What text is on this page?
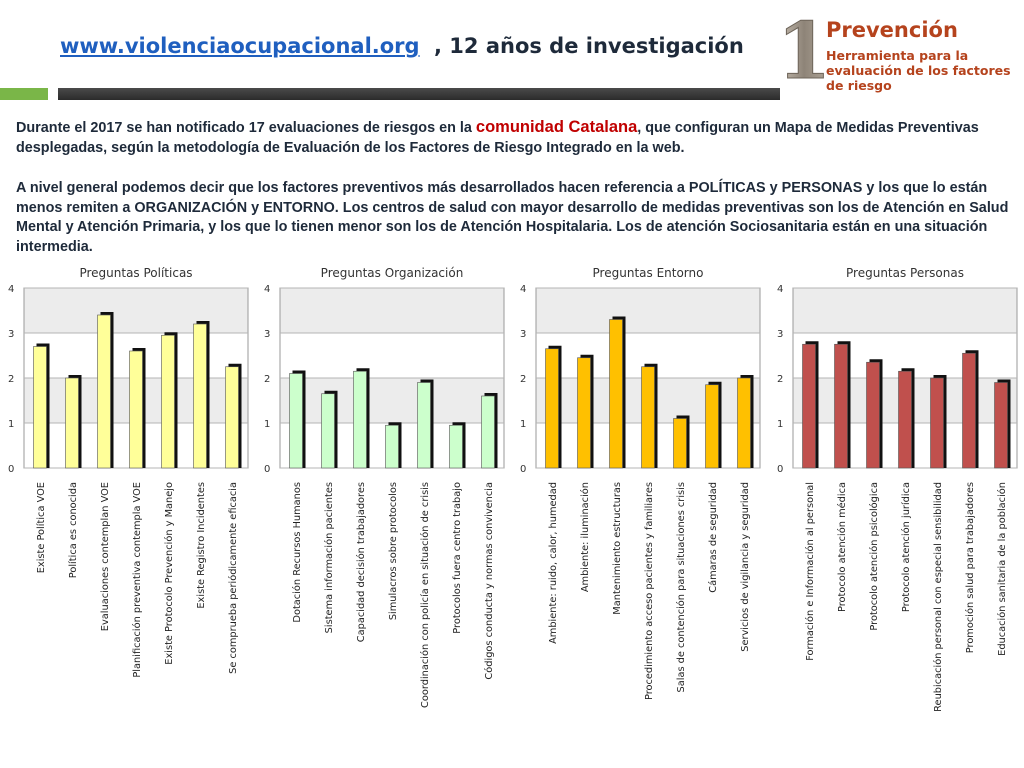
www.violenciaocupacional.org , 12 años de investigación 1
Prevención
Herramienta para la evaluación de los factores de riesgo

Durante el 2017 se han notificado 17 evaluaciones de riesgos en la comunidad Catalana, que configuran un Mapa de Medidas Preventivas desplegadas, según la metodología de Evaluación de los Factores de Riesgo Integrado en la web.

A nivel general podemos decir que los factores preventivos más desarrollados hacen referencia a POLÍTICAS y PERSONAS y los que lo están menos remiten a ORGANIZACIÓN y ENTORNO. Los centros de salud con mayor desarrollo de medidas preventivas son los de Atención en Salud Mental y Atención Primaria, y los que lo tienen menor son los de Atención Hospitalaria. Los de atención Sociosanitaria están en una situación intermedia.

Preguntas Políticas
0
1
2
3
4
Existe Política VOE Política es conocida Evaluaciones contemplan VOE Planificación preventiva contempla VOE Existe Protocolo Prevención y Manejo Existe Registro Incidentes Se comprueba periódicamente eficacia
Preguntas Organización
0
1
2
3
4
Dotación Recursos Humanos Sistema información pacientes Capacidad decisión trabajadores Simulacros sobre protocolos Coordinación con policía en situación de crisis Protocolos fuera centro trabajo Códigos conducta y normas convivencia
Preguntas Entorno
0
1
2
3
4
Ambiente: ruido, calor, humedad Ambiente: iluminación Mantenimiento estructuras Procedimiento acceso pacientes y familiares Salas de contención para situaciones crisis Cámaras de seguridad Servicios de vigilancia y seguridad
Preguntas Personas
0
1
2
3
4
Formación e Información al personal Protocolo atención médica Protocolo atención psicológica Protocolo atención jurídica Reubicación personal con especial sensibilidad Promoción salud para trabajadores Educación sanitaria de la población
